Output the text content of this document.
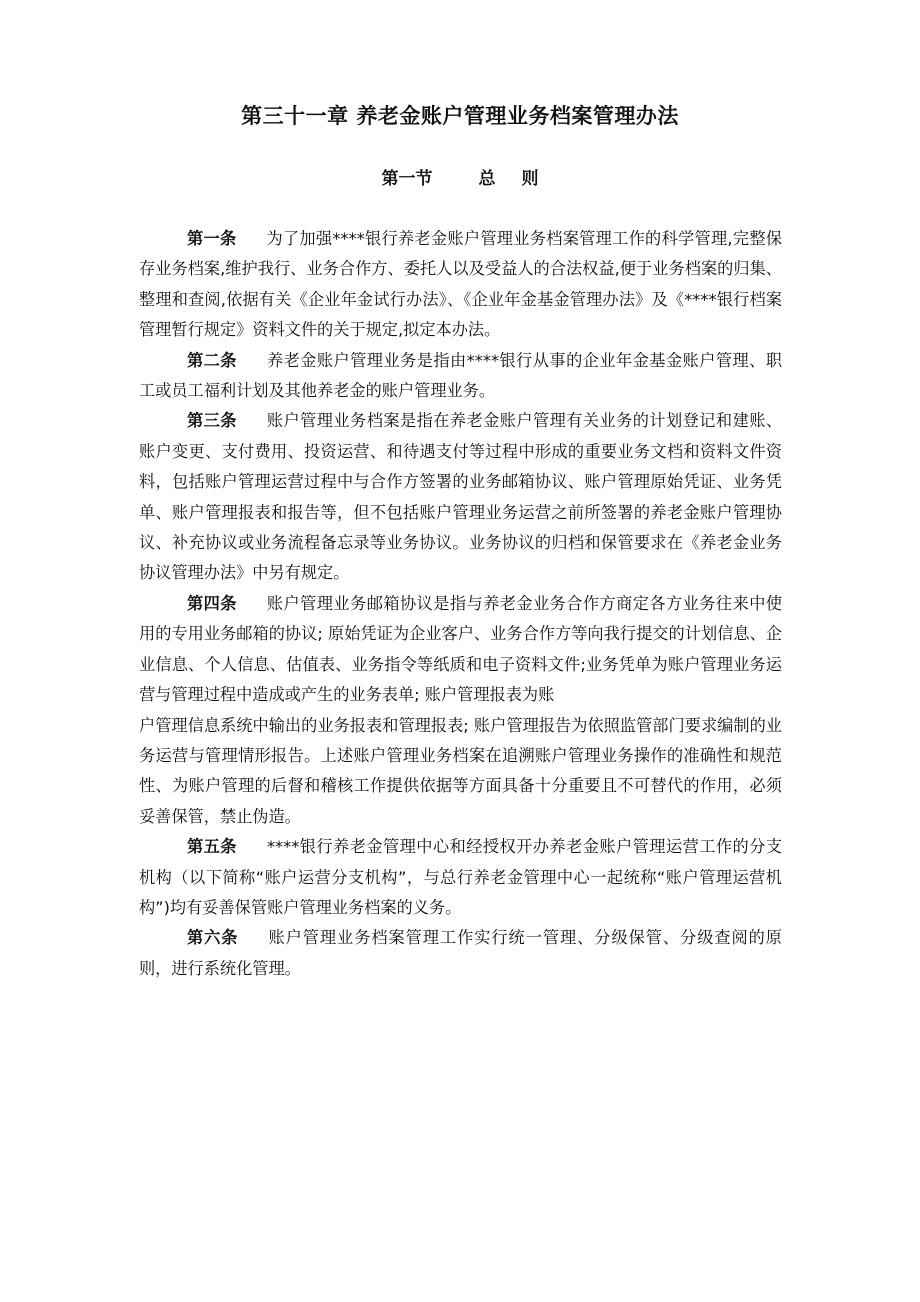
第三十一章 养老金账户管理业务档案管理办法
第一节	总 则

第一条 为了加强****银行养老金账户管理业务档案管理工作的科学管理,完整保存业务档案,维护我行、业务合作方、委托人以及受益人的合法权益,便于业务档案的归集、整理和查阅,依据有关《企业年金试行办法》、《企业年金基金管理办法》及《****银行档案管理暂行规定》资料文件的关于规定,拟定本办法。

第二条 养老金账户管理业务是指由****银行从事的企业年金基金账户管理、职工或员工福利计划及其他养老金的账户管理业务。

第三条 账户管理业务档案是指在养老金账户管理有关业务的计划登记和建账、账户变更、支付费用、投资运营、和待遇支付等过程中形成的重要业务文档和资料文件资料，包括账户管理运营过程中与合作方签署的业务邮箱协议、账户管理原始凭证、业务凭单、账户管理报表和报告等，但不包括账户管理业务运营之前所签署的养老金账户管理协议、补充协议或业务流程备忘录等业务协议。业务协议的归档和保管要求在《养老金业务协议管理办法》中另有规定。

第四条 账户管理业务邮箱协议是指与养老金业务合作方商定各方业务往来中使用的专用业务邮箱的协议; 原始凭证为企业客户、业务合作方等向我行提交的计划信息、企业信息、个人信息、估值表、业务指令等纸质和电子资料文件;业务凭单为账户管理业务运营与管理过程中造成或产生的业务表单; 账户管理报表为账

户管理信息系统中输出的业务报表和管理报表; 账户管理报告为依照监管部门要求编制的业务运营与管理情形报告。上述账户管理业务档案在追溯账户管理业务操作的准确性和规范性、为账户管理的后督和稽核工作提供依据等方面具备十分重要且不可替代的作用，必须妥善保管，禁止伪造。

第五条 ****银行养老金管理中心和经授权开办养老金账户管理运营工作的分支机构（以下简称“账户运营分支机构”，与总行养老金管理中心一起统称“账户管理运营机构”)均有妥善保管账户管理业务档案的义务。

第六条 账户管理业务档案管理工作实行统一管理、分级保管、分级查阅的原则，进行系统化管理。
